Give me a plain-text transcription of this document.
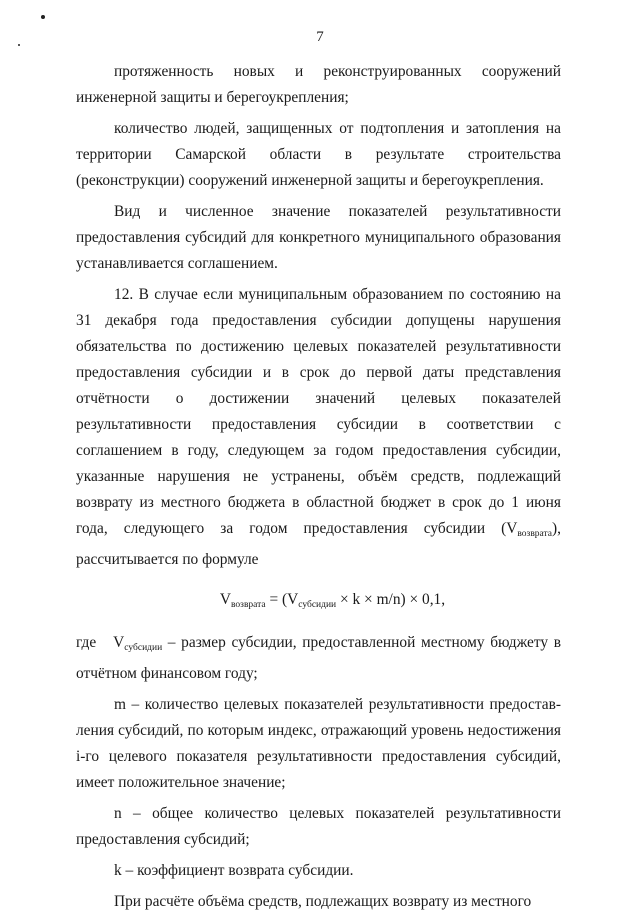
7

протяженность новых и реконструированных сооружений инженерной защиты и берегоукрепления;

количество людей, защищенных от подтопления и затопления на территории Самарской области в результате строительства (реконструкции) сооружений инженерной защиты и берегоукрепления.

Вид и численное значение показателей результативности предоставления субсидий для конкретного муниципального образования устанавливается соглашением.

12. В случае если муниципальным образованием по состоянию на 31 декабря года предоставления субсидии допущены нарушения обязательства по достижению целевых показателей результативности предоставления субсидии и в срок до первой даты представления отчётности о достижении значений целевых показателей результативности предоставления субсидии в соответствии с соглашением в году, следующем за годом предоставления субсидии, указанные нарушения не устранены, объём средств, подлежащий возврату из местного бюджета в областной бюджет в срок до 1 июня года, следующего за годом предоставления субсидии $(V_{возврата})$, рассчитывается по формуле

$V_{возврата} = (V_{субсидии} \times k \times m/n) \times 0,1$,

где   $V_{субсидии}$ – размер субсидии, предоставленной местному бюджету в отчётном финансовом году;

m – количество целевых показателей результативности предостав-ления субсидий, по которым индекс, отражающий уровень недостижения i-го целевого показателя результативности предоставления субсидий, имеет положительное значение;

n – общее количество целевых показателей результативности предоставления субсидий;

k – коэффициент возврата субсидии.

При расчёте объёма средств, подлежащих возврату из местного
